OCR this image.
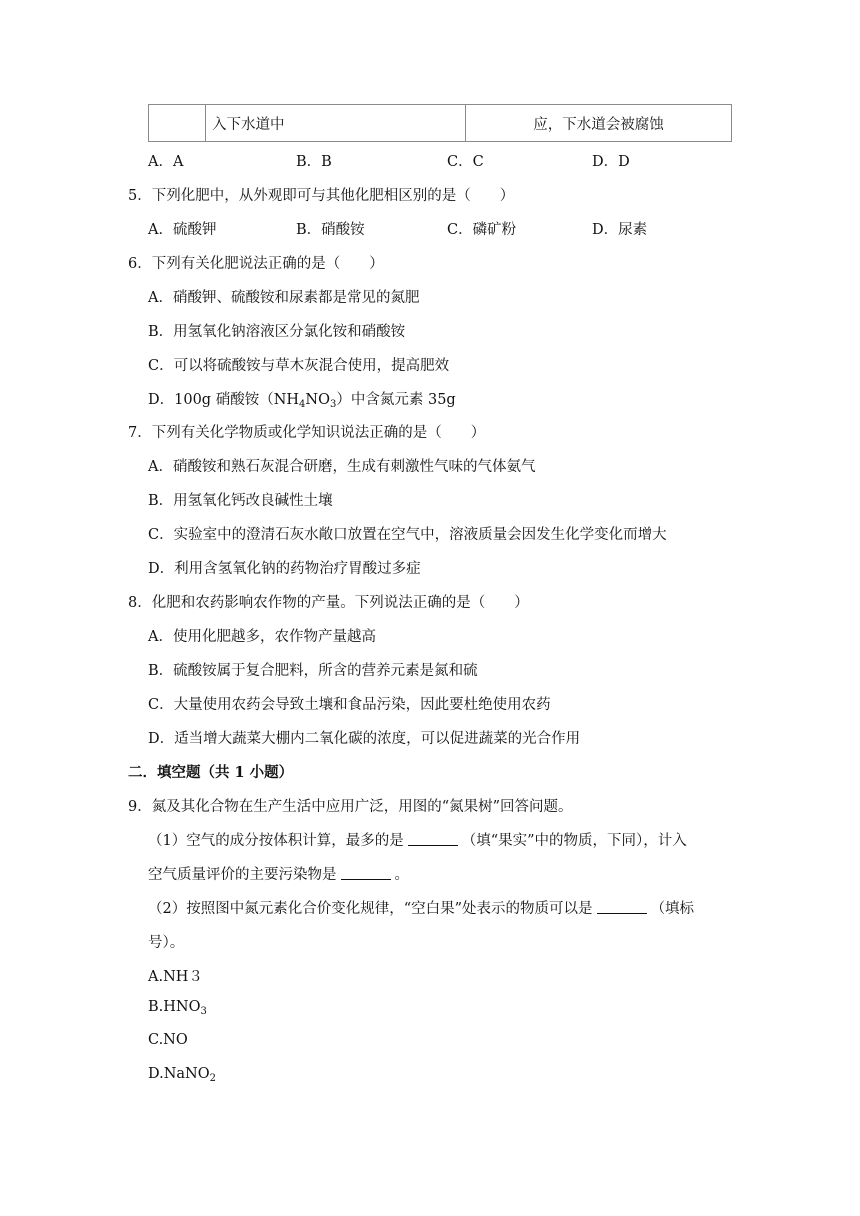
入下水道中	应，下水道会被腐蚀
A．A	B．B	C．C	D．D
5．下列化肥中，从外观即可与其他化肥相区别的是（　　）
A．硫酸钾	B．硝酸铵	C．磷矿粉	D．尿素
6．下列有关化肥说法正确的是（　　）
A．硝酸钾、硫酸铵和尿素都是常见的氮肥
B．用氢氧化钠溶液区分氯化铵和硝酸铵
C．可以将硫酸铵与草木灰混合使用，提高肥效
D．100g 硝酸铵$(NH_4NO_3)$中含氮元素 35g
7．下列有关化学物质或化学知识说法正确的是（　　）
A．硝酸铵和熟石灰混合研磨，生成有刺激性气味的气体氨气
B．用氢氧化钙改良碱性土壤
C．实验室中的澄清石灰水敞口放置在空气中，溶液质量会因发生化学变化而增大
D．利用含氢氧化钠的药物治疗胃酸过多症
8．化肥和农药影响农作物的产量。下列说法正确的是（　　）
A．使用化肥越多，农作物产量越高
B．硫酸铵属于复合肥料，所含的营养元素是氮和硫
C．大量使用农药会导致土壤和食品污染，因此要杜绝使用农药
D．适当增大蔬菜大棚内二氧化碳的浓度，可以促进蔬菜的光合作用
二．填空题（共 1 小题）
9．氮及其化合物在生产生活中应用广泛，用图的“氮果树”回答问题。
（1）空气的成分按体积计算，最多的是	（填“果实”中的物质，下同），计入
空气质量评价的主要污染物是	。
（2）按照图中氮元素化合价变化规律，“空白果”处表示的物质可以是	（填标
号）。
A.NH３
$B.HNO_3$
C.NO
D.NaNO$_2$
